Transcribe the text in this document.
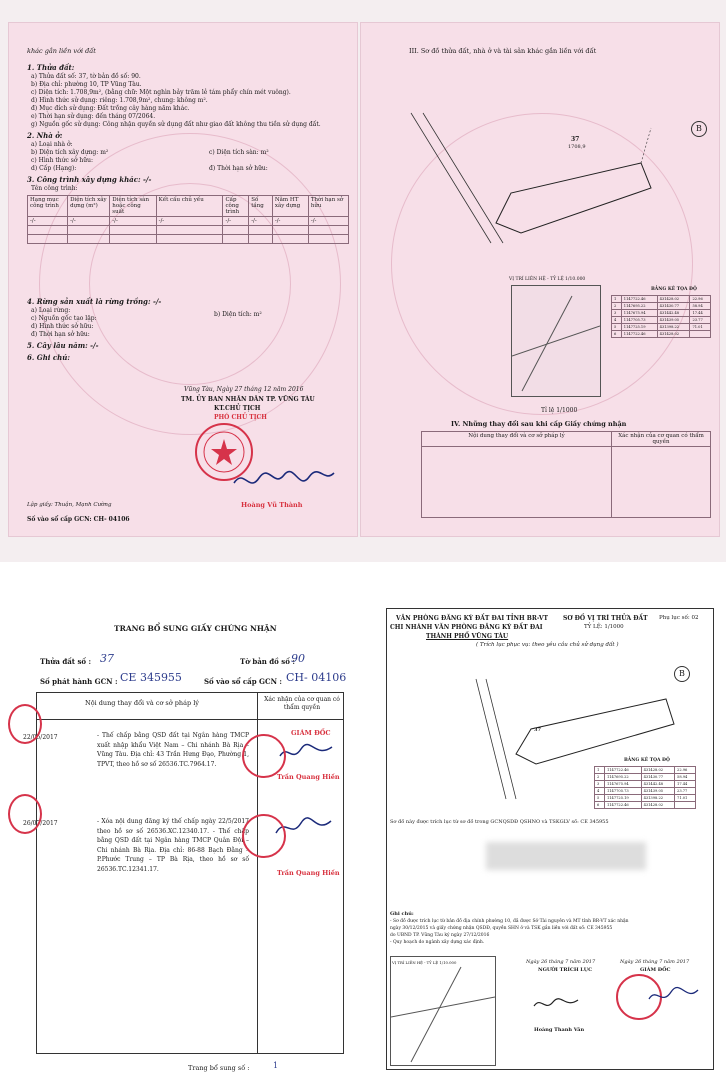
khác gắn liền với đất
1. Thửa đất:
a) Thửa đất số: 37, tờ bản đồ số: 90.
b) Địa chỉ: phường 10, TP Vũng Tàu.
c) Diện tích: 1.708,9m², (bằng chữ: Một nghìn bảy trăm lẻ tám phẩy chín mét vuông).
d) Hình thức sử dụng: riêng: 1.708,9m², chung: không m².
đ) Mục đích sử dụng: Đất trồng cây hàng năm khác.
e) Thời hạn sử dụng: đến tháng 07/2064.
g) Nguồn gốc sử dụng: Công nhận quyền sử dụng đất như giao đất không thu tiền sử dụng đất.
2. Nhà ở:
a) Loại nhà ở:
b) Diện tích xây dựng: m²
c) Hình thức sở hữu:
d) Cấp (Hạng):
c) Diện tích sàn: m²
đ) Thời hạn sở hữu:
3. Công trình xây dựng khác: -/-
Tên công trình:
Hạng mục công trình	Diện tích xây dựng (m²)	Diện tích sàn hoặc công suất	Kết cấu chủ yếu	Cấp công trình	Số tầng	Năm HT xây dựng	Thời hạn sở hữu
-/-	-/-	-/-	-/-	-/-	-/-	-/-	-/-

4. Rừng sản xuất là rừng trồng: -/-
a) Loại rừng:
c) Nguồn gốc tạo lập:
d) Hình thức sở hữu:
đ) Thời hạn sở hữu:
b) Diện tích: m²
5. Cây lâu năm: -/-
6. Ghi chú:
Vũng Tàu, Ngày 27 tháng 12 năm 2016
TM. ỦY BAN NHÂN DÂN TP. VŨNG TÀU
KT.CHỦ TỊCH
PHÓ CHỦ TỊCH
Hoàng Vũ Thành
Lập giấy: Thuận, Mạnh Cường
Số vào sổ cấp GCN: CH- 04106
III. Sơ đồ thửa đất, nhà ở và tài sản khác gắn liền với đất
B
37
1708,9
BẢNG KÊ TỌA ĐỘ
1	1147722.46	431428.02	22.96
2	1147695.22	431430.77	58.94
3	1147675.94	431442.48	17.44
4	1147705.73	431439.05	23.77
5	1147725.19	431398.22	71.01
6	1147722.46	431428.02	
VỊ TRÍ LIÊN HỆ - TỶ LỆ 1/10.000
Tỉ lệ 1/1000
IV. Những thay đổi sau khi cấp Giấy chứng nhận
Nội dung thay đổi và cơ sở pháp lý	Xác nhận của cơ quan có thẩm quyền

TRANG BỔ SUNG GIẤY CHỨNG NHẬN
Thửa đất số : 37	Tờ bản đồ số :
90
Số phát hành GCN : CE 345955	Số vào sổ cấp GCN : CH- 04106
Nội dung thay đổi và cơ sở pháp lý	Xác nhận của cơ quan có thẩm quyền
22/05/2017	- Thế chấp bằng QSD đất tại Ngân hàng TMCP xuất nhập khẩu Việt Nam – Chi nhánh Bà Rịa – Vũng Tàu. Địa chỉ: 43 Trần Hưng Đạo, Phường 1, TPVT, theo hồ sơ số 26536.TC.7964.17.
26/07/2017	- Xóa nội dung đăng ký thế chấp ngày 22/5/2017 theo hồ sơ số 26536.XC.12340.17. - Thế chấp bằng QSD đất tại Ngân hàng TMCP Quân Đội – Chi nhánh Bà Rịa. Địa chỉ: 86-88 Bạch Đằng – P.Phước Trung – TP Bà Rịa, theo hồ sơ số 26536.TC.12341.17.
GIÁM ĐỐC
Trần Quang Hiền
Trần Quang Hiền
Trang bổ sung số :	1
VĂN PHÒNG ĐĂNG KÝ ĐẤT ĐAI TỈNH BR-VT
CHI NHÁNH VĂN PHÒNG ĐĂNG KÝ ĐẤT ĐAI
THÀNH PHỐ VŨNG TÀU
SƠ ĐỒ VỊ TRÍ THỬA ĐẤT
TỶ LỆ: 1/1000
Phụ lục số: 02
( Trích lục phục vụ: theo yêu cầu chủ sử dụng đất )
B
37
BẢNG KÊ TỌA ĐỘ
1	1147722.46	431428.02	22.96
2	1147695.22	431430.77	58.94
3	1147675.94	431442.48	17.44
4	1147705.73	431439.05	23.77
5	1147725.19	431398.22	71.01
6	1147722.46	431428.02	
Sơ đồ này được trích lục từ sơ đồ trong GCNQSDĐ QSHNO và TSKGLV số: CE 345955
Ghi chú:
- Sơ đồ được trích lục từ bản đồ địa chính phường 10, đã được Sở Tài nguyên và MT tỉnh BR-VT xác nhận
ngày 30/12/2015 và giấy chứng nhận QSDĐ, quyền SHN ở và TSK gắn liền với đất số: CE 345955
do UBND TP. Vũng Tàu ký ngày 27/12/2016
- Quy hoạch do ngành xây dựng xác định.
VỊ TRÍ LIÊN HỆ - TỶ LỆ 1/10.000	Ngày 26 tháng 7 năm 2017
NGƯỜI TRÍCH LỤC
Hoàng Thanh Vân
Ngày 26 tháng 7 năm 2017
GIÁM ĐỐC
